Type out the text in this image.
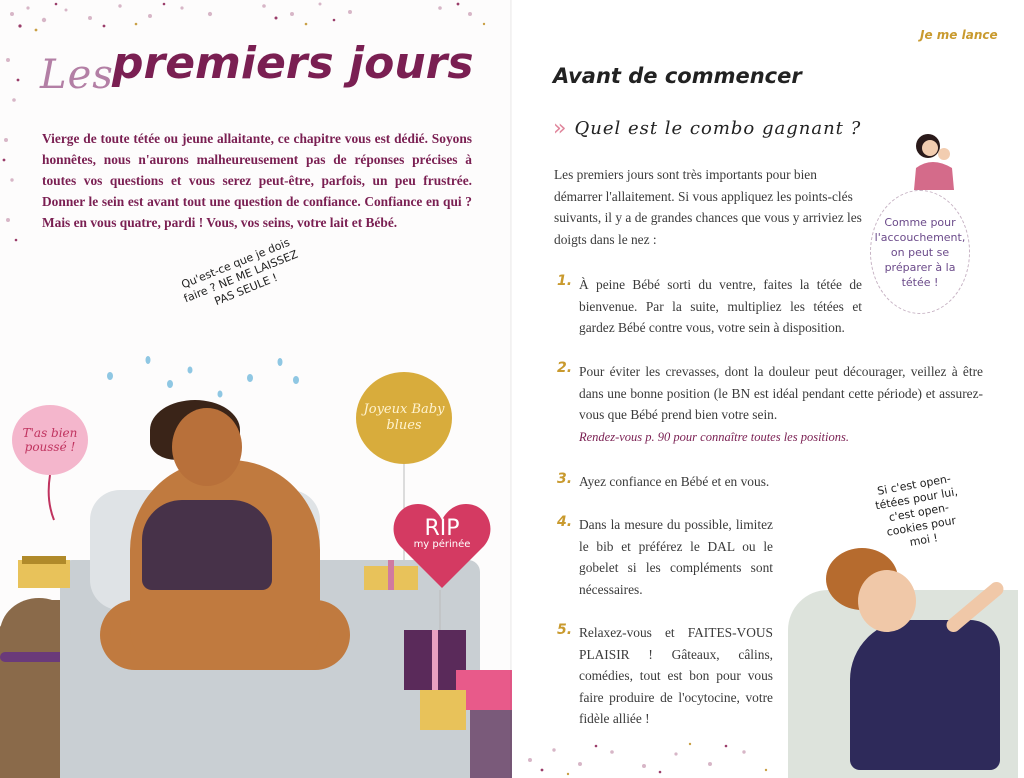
Les
premiers jours

Vierge de toute tétée ou jeune allaitante, ce chapitre vous est dédié. Soyons honnêtes, nous n'aurons malheureusement pas de réponses précises à toutes vos questions et vous serez peut-être, parfois, un peu frustrée. Donner le sein est avant tout une question de confiance. Confiance en qui ? Mais en vous quatre, pardi ! Vous, vos seins, votre lait et Bébé.

Qu'est-ce que je dois faire ? NE ME LAISSEZ PAS SEULE !
T'as bien poussé !
Joyeux Baby blues
RIP
my périnée
Je me lance
Avant de commencer
» Quel est le combo gagnant ?

Les premiers jours sont très importants pour bien démarrer l'allaitement. Si vous appliquez les points-clés suivants, il y a de grandes chances que vous y arriviez les doigts dans le nez :

1. À peine Bébé sorti du ventre, faites la tétée de bienvenue. Par la suite, multipliez les tétées et gardez Bébé contre vous, votre sein à disposition.

2. Pour éviter les crevasses, dont la douleur peut décourager, veillez à être dans une bonne position (le BN est idéal pendant cette période) et assurez-vous que Bébé prend bien votre sein.

Rendez-vous p. 90 pour connaître toutes les positions.

3. Ayez confiance en Bébé et en vous.

4. Dans la mesure du possible, limitez le bib et préférez le DAL ou le gobelet si les compléments sont nécessaires.

5. Relaxez-vous et FAITES-VOUS PLAISIR ! Gâteaux, câlins, comédies, tout est bon pour vous faire produire de l'ocytocine, votre fidèle alliée !

Comme pour l'accouchement, on peut se préparer à la tétée !
Si c'est open-tétées pour lui, c'est open-cookies pour moi !
